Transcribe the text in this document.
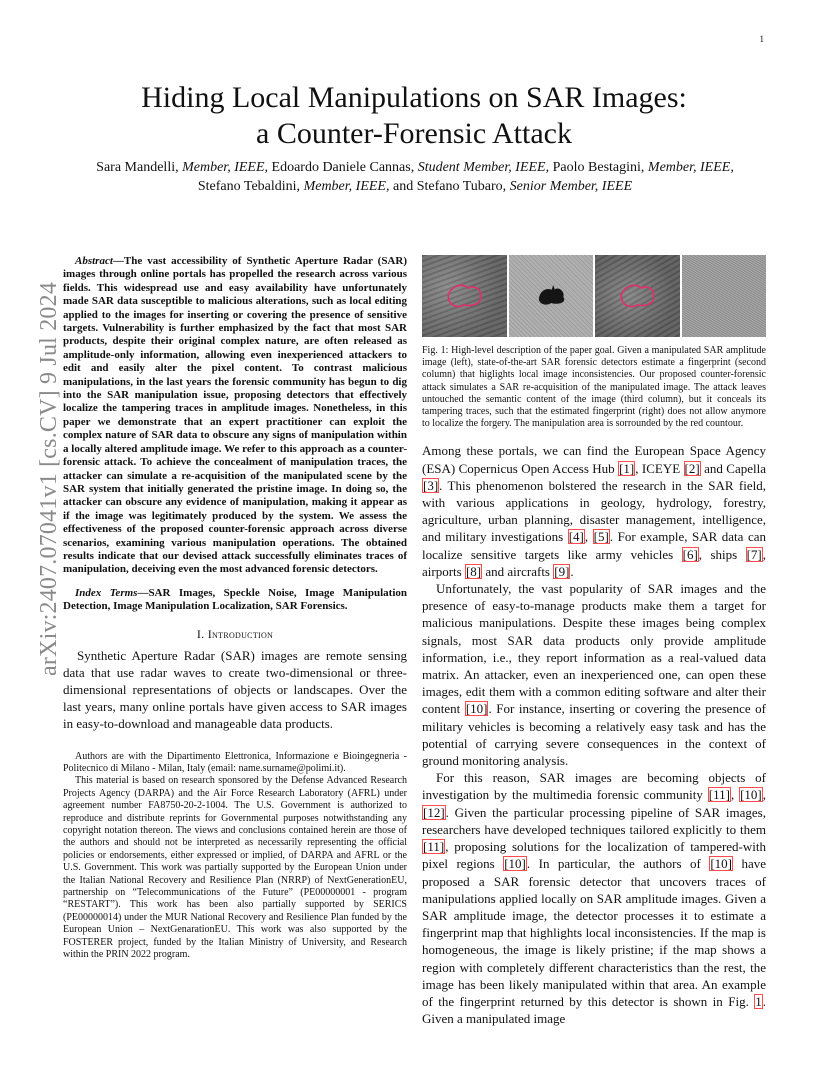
1
arXiv:2407.07041v1 [cs.CV] 9 Jul 2024
Hiding Local Manipulations on SAR Images:
a Counter-Forensic Attack
Sara Mandelli, Member, IEEE, Edoardo Daniele Cannas, Student Member, IEEE, Paolo Bestagini, Member, IEEE,
Stefano Tebaldini, Member, IEEE, and Stefano Tubaro, Senior Member, IEEE

Abstract—The vast accessibility of Synthetic Aperture Radar (SAR) images through online portals has propelled the research across various fields. This widespread use and easy availability have unfortunately made SAR data susceptible to malicious alterations, such as local editing applied to the images for inserting or covering the presence of sensitive targets. Vulnerability is further emphasized by the fact that most SAR products, despite their original complex nature, are often released as amplitude-only information, allowing even inexperienced attackers to edit and easily alter the pixel content. To contrast malicious manipulations, in the last years the forensic community has begun to dig into the SAR manipulation issue, proposing detectors that effectively localize the tampering traces in amplitude images. Nonetheless, in this paper we demonstrate that an expert practitioner can exploit the complex nature of SAR data to obscure any signs of manipulation within a locally altered amplitude image. We refer to this approach as a counter-forensic attack. To achieve the concealment of manipulation traces, the attacker can simulate a re-acquisition of the manipulated scene by the SAR system that initially generated the pristine image. In doing so, the attacker can obscure any evidence of manipulation, making it appear as if the image was legitimately produced by the system. We assess the effectiveness of the proposed counter-forensic approach across diverse scenarios, examining various manipulation operations. The obtained results indicate that our devised attack successfully eliminates traces of manipulation, deceiving even the most advanced forensic detectors.

Index Terms—SAR Images, Speckle Noise, Image Manipulation Detection, Image Manipulation Localization, SAR Forensics.

I. Introduction

Synthetic Aperture Radar (SAR) images are remote sensing data that use radar waves to create two-dimensional or three-dimensional representations of objects or landscapes. Over the last years, many online portals have given access to SAR images in easy-to-download and manageable data products.

Authors are with the Dipartimento Elettronica, Informazione e Bioingegneria - Politecnico di Milano - Milan, Italy (email: name.surname@polimi.it).

This material is based on research sponsored by the Defense Advanced Research Projects Agency (DARPA) and the Air Force Research Laboratory (AFRL) under agreement number FA8750-20-2-1004. The U.S. Government is authorized to reproduce and distribute reprints for Governmental purposes notwithstanding any copyright notation thereon. The views and conclusions contained herein are those of the authors and should not be interpreted as necessarily representing the official policies or endorsements, either expressed or implied, of DARPA and AFRL or the U.S. Government. This work was partially supported by the European Union under the Italian National Recovery and Resilience Plan (NRRP) of NextGenerationEU, partnership on “Telecommunications of the Future” (PE00000001 - program “RESTART”). This work has been also partially supported by SERICS (PE00000014) under the MUR National Recovery and Resilience Plan funded by the European Union – NextGenarationEU. This work was also supported by the FOSTERER project, funded by the Italian Ministry of University, and Research within the PRIN 2022 program.

Fig. 1: High-level description of the paper goal. Given a manipulated SAR amplitude image (left), state-of-the-art SAR forensic detectors estimate a fingerprint (second column) that higlights local image inconsistencies. Our proposed counter-forensic attack simulates a SAR re-acquisition of the manipulated image. The attack leaves untouched the semantic content of the image (third column), but it conceals its tampering traces, such that the estimated fingerprint (right) does not allow anymore to localize the forgery. The manipulation area is sorrounded by the red countour.

Among these portals, we can find the European Space Agency (ESA) Copernicus Open Access Hub [1], ICEYE [2] and Capella [3]. This phenomenon bolstered the research in the SAR field, with various applications in geology, hydrology, forestry, agriculture, urban planning, disaster management, intelligence, and military investigations [4], [5]. For example, SAR data can localize sensitive targets like army vehicles [6], ships [7], airports [8] and aircrafts [9].

Unfortunately, the vast popularity of SAR images and the presence of easy-to-manage products make them a target for malicious manipulations. Despite these images being complex signals, most SAR data products only provide amplitude information, i.e., they report information as a real-valued data matrix. An attacker, even an inexperienced one, can open these images, edit them with a common editing software and alter their content [10]. For instance, inserting or covering the presence of military vehicles is becoming a relatively easy task and has the potential of carrying severe consequences in the context of ground monitoring analysis.

For this reason, SAR images are becoming objects of investigation by the multimedia forensic community [11], [10], [12]. Given the particular processing pipeline of SAR images, researchers have developed techniques tailored explicitly to them [11], proposing solutions for the localization of tampered-with pixel regions [10]. In particular, the authors of [10] have proposed a SAR forensic detector that uncovers traces of manipulations applied locally on SAR amplitude images. Given a SAR amplitude image, the detector processes it to estimate a fingerprint map that highlights local inconsistencies. If the map is homogeneous, the image is likely pristine; if the map shows a region with completely different characteristics than the rest, the image has been likely manipulated within that area. An example of the fingerprint returned by this detector is shown in Fig. 1. Given a manipulated image
